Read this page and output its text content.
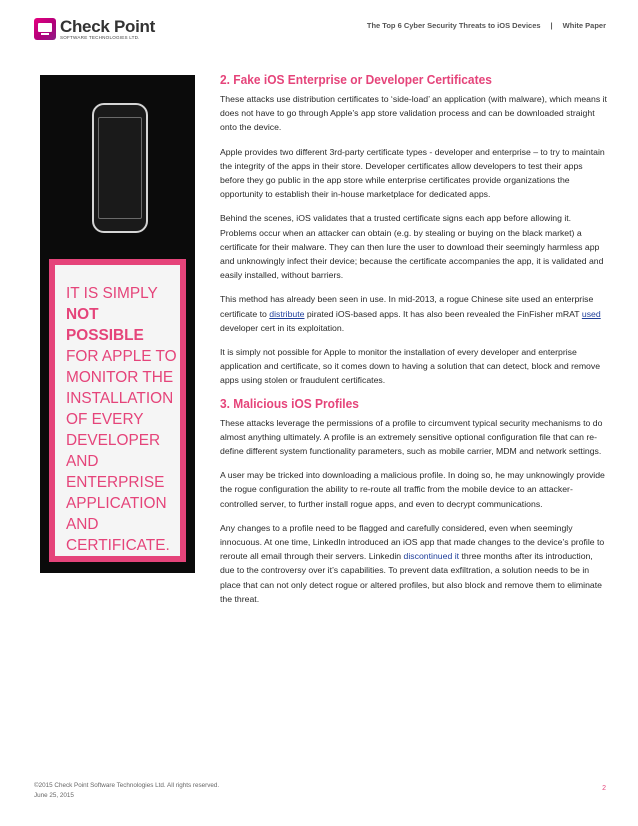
Check Point
SOFTWARE TECHNOLOGIES LTD.
The Top 6 Cyber Security Threats to iOS Devices | White Paper

IT IS SIMPLY
NOT POSSIBLE
FOR APPLE TO MONITOR THE INSTALLATION OF EVERY DEVELOPER AND ENTERPRISE APPLICATION AND CERTIFICATE.

2. Fake iOS Enterprise or Developer Certificates

These attacks use distribution certificates to ‘side-load’ an application (with malware), which means it does not have to go through Apple’s app store validation process and can be downloaded straight onto the device.

Apple provides two different 3rd-party certificate types - developer and enterprise – to try to maintain the integrity of the apps in their store. Developer certificates allow developers to test their apps before they go public in the app store while enterprise certificates provide organizations the opportunity to establish their in-house marketplace for dedicated apps.

Behind the scenes, iOS validates that a trusted certificate signs each app before allowing it. Problems occur when an attacker can obtain (e.g. by stealing or buying on the black market) a certificate for their malware. They can then lure the user to download their seemingly harmless app and unknowingly infect their device; because the certificate accompanies the app, it is validated and easily installed, without barriers.

This method has already been seen in use. In mid-2013, a rogue Chinese site used an enterprise certificate to distribute pirated iOS-based apps. It has also been revealed the FinFisher mRAT used developer cert in its exploitation.

It is simply not possible for Apple to monitor the installation of every developer and enterprise application and certificate, so it comes down to having a solution that can detect, block and remove apps using stolen or fraudulent certificates.

3. Malicious iOS Profiles

These attacks leverage the permissions of a profile to circumvent typical security mechanisms to do almost anything ultimately. A profile is an extremely sensitive optional configuration file that can re-define different system functionality parameters, such as mobile carrier, MDM and network settings.

A user may be tricked into downloading a malicious profile. In doing so, he may unknowingly provide the rogue configuration the ability to re-route all traffic from the mobile device to an attacker-controlled server, to further install rogue apps, and even to decrypt communications.

Any changes to a profile need to be flagged and carefully considered, even when seemingly innocuous. At one time, LinkedIn introduced an iOS app that made changes to the device’s profile to reroute all email through their servers. Linkedin discontinued it three months after its introduction, due to the controversy over it’s capabilities. To prevent data exfiltration, a solution needs to be in place that can not only detect rogue or altered profiles, but also block and remove them to eliminate the threat.

©2015 Check Point Software Technologies Ltd. All rights reserved.
June 25, 2015
2
